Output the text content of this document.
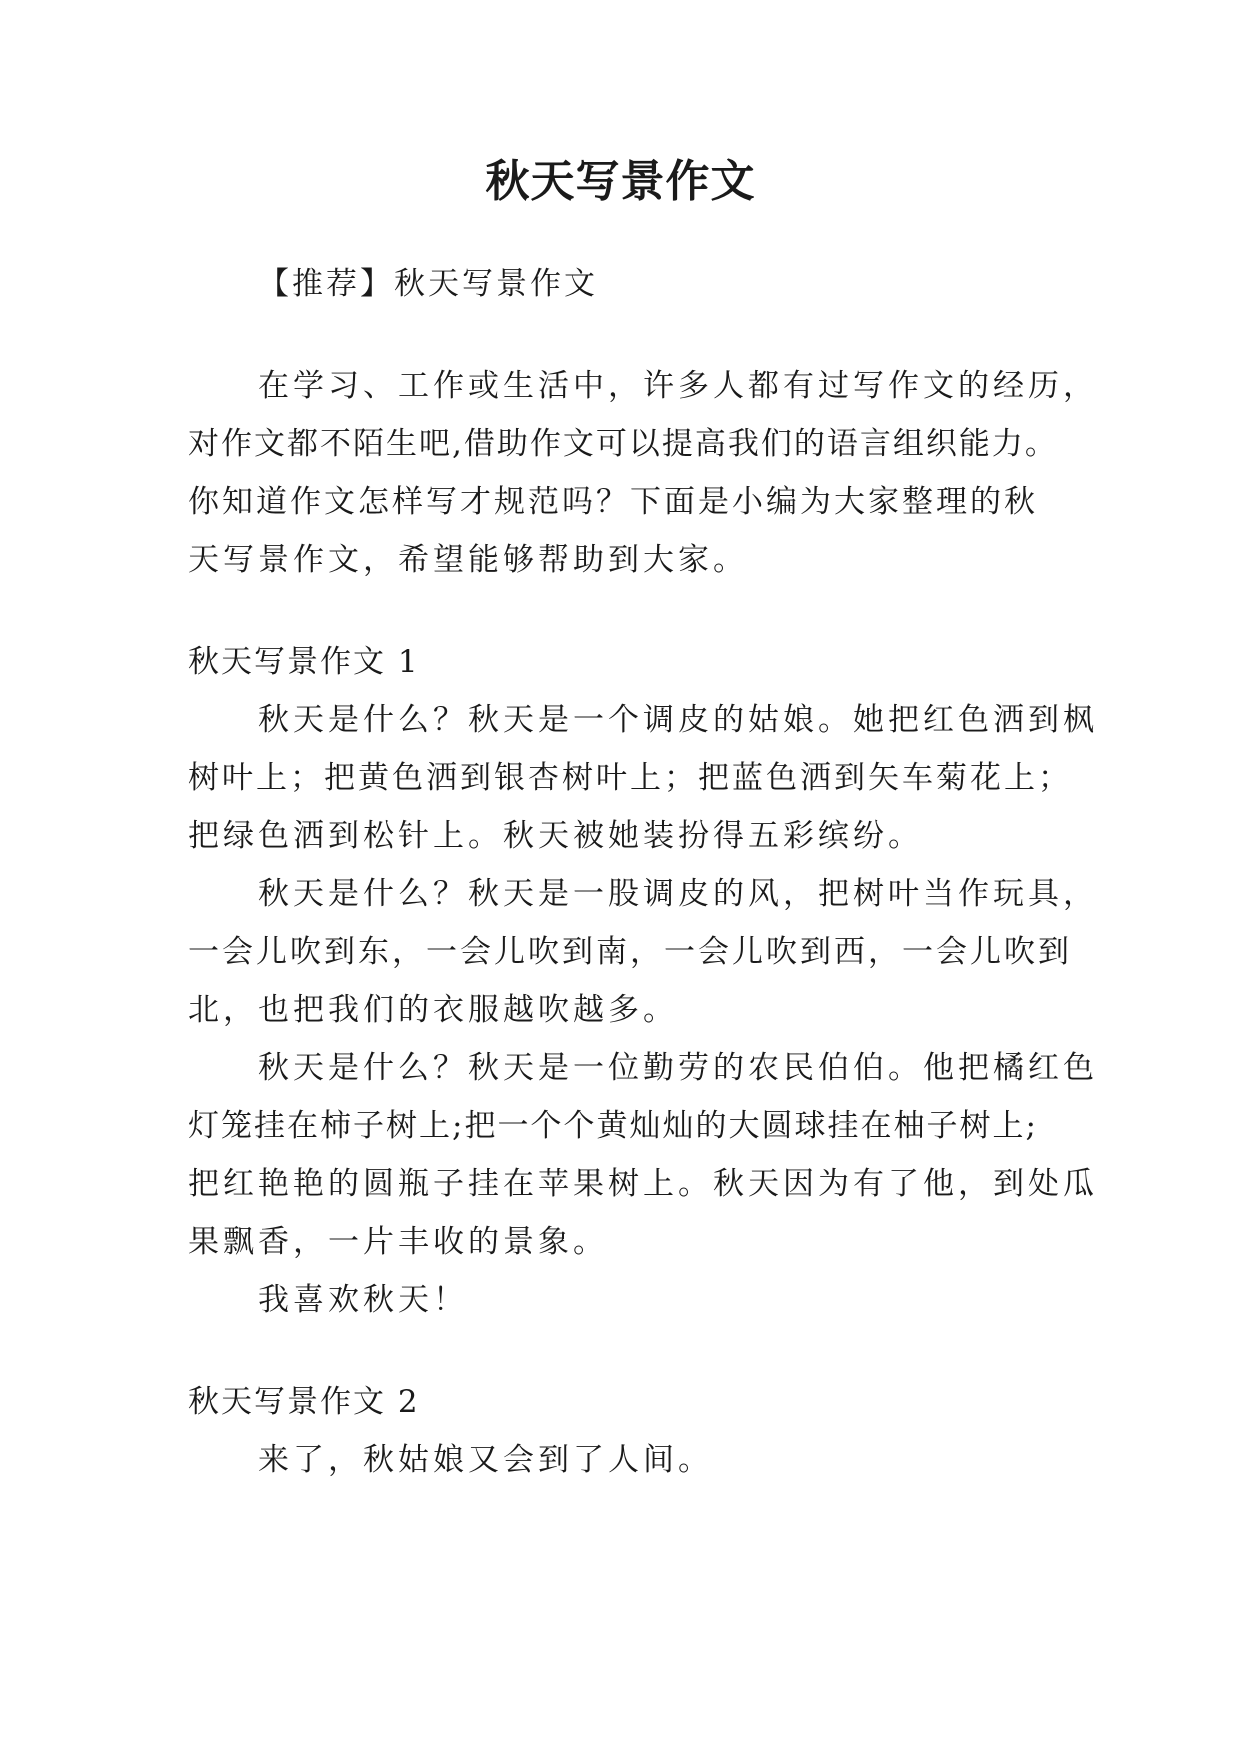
秋天写景作文
【推荐】秋天写景作文
在学习、工作或生活中，许多人都有过写作文的经历，
对作文都不陌生吧,借助作文可以提高我们的语言组织能力。
你知道作文怎样写才规范吗？下面是小编为大家整理的秋
天写景作文，希望能够帮助到大家。
秋天写景作文 1
秋天是什么？秋天是一个调皮的姑娘。她把红色洒到枫
树叶上；把黄色洒到银杏树叶上；把蓝色洒到矢车菊花上；
把绿色洒到松针上。秋天被她装扮得五彩缤纷。
秋天是什么？秋天是一股调皮的风，把树叶当作玩具，
一会儿吹到东，一会儿吹到南，一会儿吹到西，一会儿吹到
北，也把我们的衣服越吹越多。
秋天是什么？秋天是一位勤劳的农民伯伯。他把橘红色
灯笼挂在柿子树上;把一个个黄灿灿的大圆球挂在柚子树上;
把红艳艳的圆瓶子挂在苹果树上。秋天因为有了他，到处瓜
果飘香，一片丰收的景象。
我喜欢秋天！
秋天写景作文 2
来了，秋姑娘又会到了人间。
